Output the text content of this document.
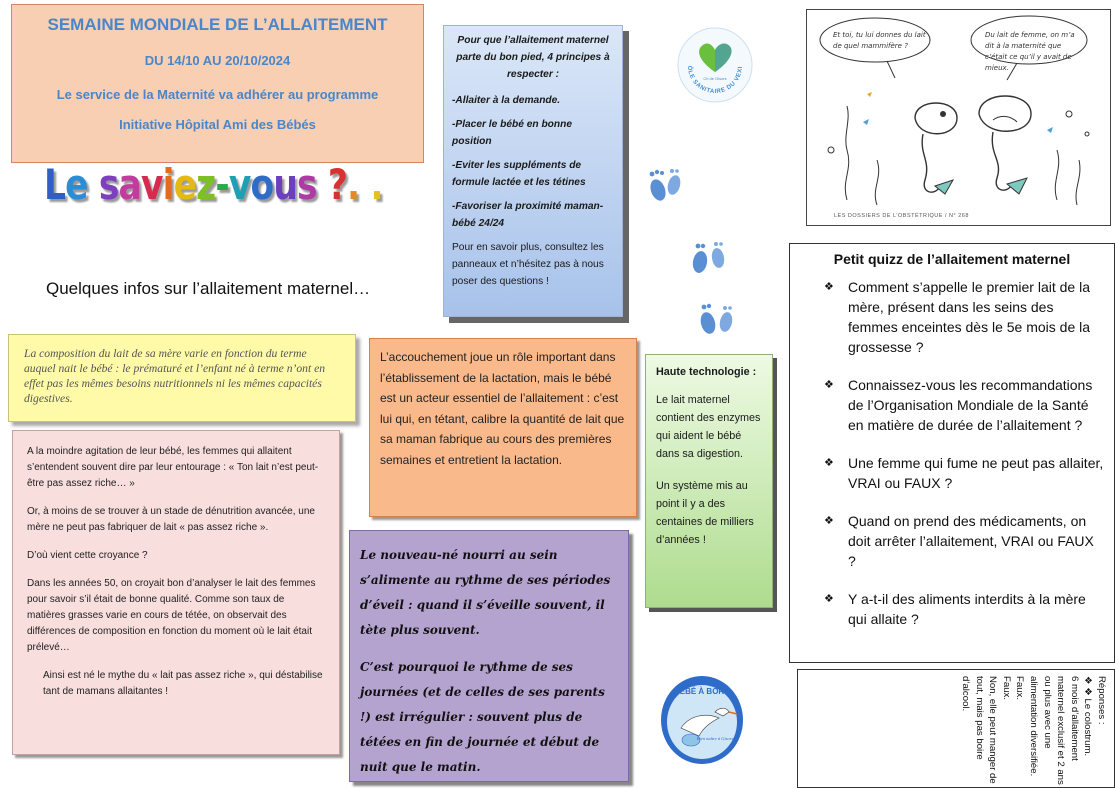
SEMAINE MONDIALE DE L’ALLAITEMENT
DU 14/10 AU 20/10/2024
Le service de la Maternité va adhérer au programme
Initiative Hôpital Ami des Bébés
Le saviez-vous ?. .
Quelques infos sur l’allaitement maternel…

Pour que l’allaitement maternel parte du bon pied, 4 principes à respecter :

-Allaiter à la demande.

-Placer le bébé en bonne position

-Eviter les suppléments de formule lactée et les tétines

-Favoriser la proximité maman-bébé 24/24

Pour en savoir plus, consultez les panneaux et n’hésitez pas à nous poser des questions !

Ch de Gisors
ÔLE SANITAIRE DU VEXI
Et toi, tu lui donnes du lait de quel mammifère ?
Du lait de femme, on m’a dit à la maternité que c’était ce qu’il y avait de mieux.
LES DOSSIERS DE L’OBSTÉTRIQUE / N° 268
La composition du lait de sa mère varie en fonction du terme auquel nait le bébé : le prématuré et l’enfant né à terme n’ont en effet pas les mêmes besoins nutritionnels ni les mêmes capacités digestives.

A la moindre agitation de leur bébé, les femmes qui allaitent s’entendent souvent dire par leur entourage : « Ton lait n’est peut-être pas assez riche… »

Or, à moins de se trouver à un stade de dénutrition avancée, une mère ne peut pas fabriquer de lait « pas assez riche ».

D’où vient cette croyance ?

Dans les années 50, on croyait bon d’analyser le lait des femmes pour savoir s’il était de bonne qualité. Comme son taux de matières grasses varie en cours de tétée, on observait des différences de composition en fonction du moment où le lait était prélevé…

Ainsi est né le mythe du « lait pas assez riche », qui déstabilise tant de mamans allaitantes !

L’accouchement joue un rôle important dans l’établissement de la lactation, mais le bébé est un acteur essentiel de l’allaitement : c’est lui qui, en tétant, calibre la quantité de lait que sa maman fabrique au cours des premières semaines et entretient la lactation.

Haute technologie :

Le lait maternel contient des enzymes qui aident le bébé dans sa digestion.

Un système mis au point il y a des centaines de milliers d’années !

Le nouveau-né nourri au sein s’alimente au rythme de ses périodes d’éveil : quand il s’éveille souvent, il tète plus souvent.

C’est pourquoi le rythme de ses journées (et de celles de ses parents !) est irrégulier : souvent plus de tétées en fin de journée et début de nuit que le matin.

Petit quizz de l’allaitement maternel
❖ Comment s’appelle le premier lait de la mère, présent dans les seins des femmes enceintes dès le 5e mois de la grossesse ?
❖ Connaissez-vous les recommandations de l’Organisation Mondiale de la Santé en matière de durée de l’allaitement ?
❖ Une femme qui fume ne peut pas allaiter, VRAI ou FAUX ?
❖ Quand on prend des médicaments, on doit arrêter l’allaitement, VRAI ou FAUX ?
❖ Y a-t-il des aliments interdits à la mère qui allaite ?

Réponses :

❖ ❖ Le colostrum.

6 mois d’allaitement maternel exclusif et 2 ans ou plus avec une alimentation diversifiée.

Faux.

Faux.

Non, elle peut manger de tout, mais pas boire d’alcool.

BÉBÉ À BORD
Bien naître à Gisors
